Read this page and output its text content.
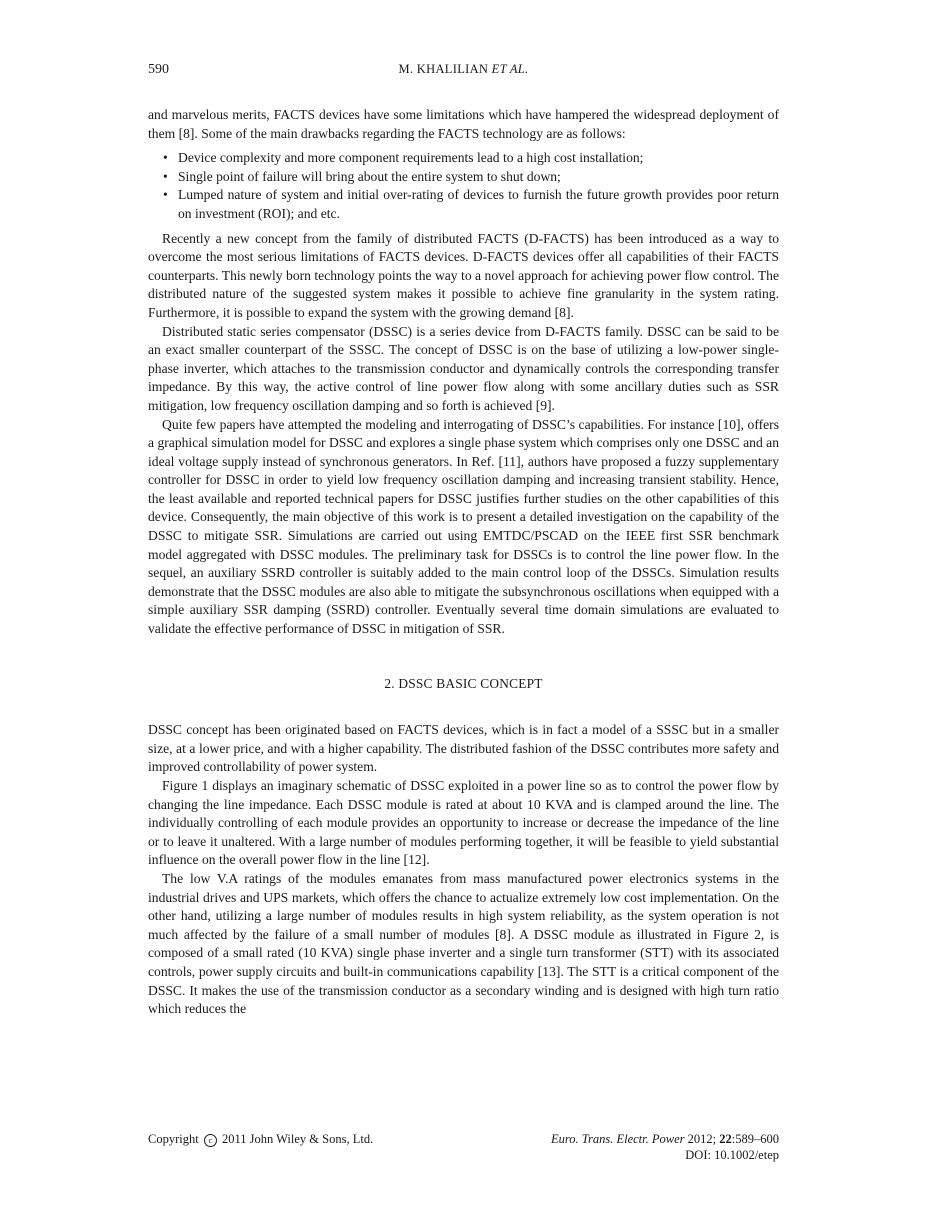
590	M. KHALILIAN ET AL.

and marvelous merits, FACTS devices have some limitations which have hampered the widespread deployment of them [8]. Some of the main drawbacks regarding the FACTS technology are as follows:

• Device complexity and more component requirements lead to a high cost installation;
• Single point of failure will bring about the entire system to shut down;
• Lumped nature of system and initial over-rating of devices to furnish the future growth provides poor return on investment (ROI); and etc.

Recently a new concept from the family of distributed FACTS (D-FACTS) has been introduced as a way to overcome the most serious limitations of FACTS devices. D-FACTS devices offer all capabilities of their FACTS counterparts. This newly born technology points the way to a novel approach for achieving power flow control. The distributed nature of the suggested system makes it possible to achieve fine granularity in the system rating. Furthermore, it is possible to expand the system with the growing demand [8].

Distributed static series compensator (DSSC) is a series device from D-FACTS family. DSSC can be said to be an exact smaller counterpart of the SSSC. The concept of DSSC is on the base of utilizing a low-power single-phase inverter, which attaches to the transmission conductor and dynamically controls the corresponding transfer impedance. By this way, the active control of line power flow along with some ancillary duties such as SSR mitigation, low frequency oscillation damping and so forth is achieved [9].

Quite few papers have attempted the modeling and interrogating of DSSC’s capabilities. For instance [10], offers a graphical simulation model for DSSC and explores a single phase system which comprises only one DSSC and an ideal voltage supply instead of synchronous generators. In Ref. [11], authors have proposed a fuzzy supplementary controller for DSSC in order to yield low frequency oscillation damping and increasing transient stability. Hence, the least available and reported technical papers for DSSC justifies further studies on the other capabilities of this device. Consequently, the main objective of this work is to present a detailed investigation on the capability of the DSSC to mitigate SSR. Simulations are carried out using EMTDC/PSCAD on the IEEE first SSR benchmark model aggregated with DSSC modules. The preliminary task for DSSCs is to control the line power flow. In the sequel, an auxiliary SSRD controller is suitably added to the main control loop of the DSSCs. Simulation results demonstrate that the DSSC modules are also able to mitigate the subsynchronous oscillations when equipped with a simple auxiliary SSR damping (SSRD) controller. Eventually several time domain simulations are evaluated to validate the effective performance of DSSC in mitigation of SSR.

2. DSSC BASIC CONCEPT

DSSC concept has been originated based on FACTS devices, which is in fact a model of a SSSC but in a smaller size, at a lower price, and with a higher capability. The distributed fashion of the DSSC contributes more safety and improved controllability of power system.

Figure 1 displays an imaginary schematic of DSSC exploited in a power line so as to control the power flow by changing the line impedance. Each DSSC module is rated at about 10 KVA and is clamped around the line. The individually controlling of each module provides an opportunity to increase or decrease the impedance of the line or to leave it unaltered. With a large number of modules performing together, it will be feasible to yield substantial influence on the overall power flow in the line [12].

The low V.A ratings of the modules emanates from mass manufactured power electronics systems in the industrial drives and UPS markets, which offers the chance to actualize extremely low cost implementation. On the other hand, utilizing a large number of modules results in high system reliability, as the system operation is not much affected by the failure of a small number of modules [8]. A DSSC module as illustrated in Figure 2, is composed of a small rated (10 KVA) single phase inverter and a single turn transformer (STT) with its associated controls, power supply circuits and built-in communications capability [13]. The STT is a critical component of the DSSC. It makes the use of the transmission conductor as a secondary winding and is designed with high turn ratio which reduces the

Copyright c 2011 John Wiley & Sons, Ltd.	Euro. Trans. Electr. Power 2012; 22:589–600
DOI: 10.1002/etep
